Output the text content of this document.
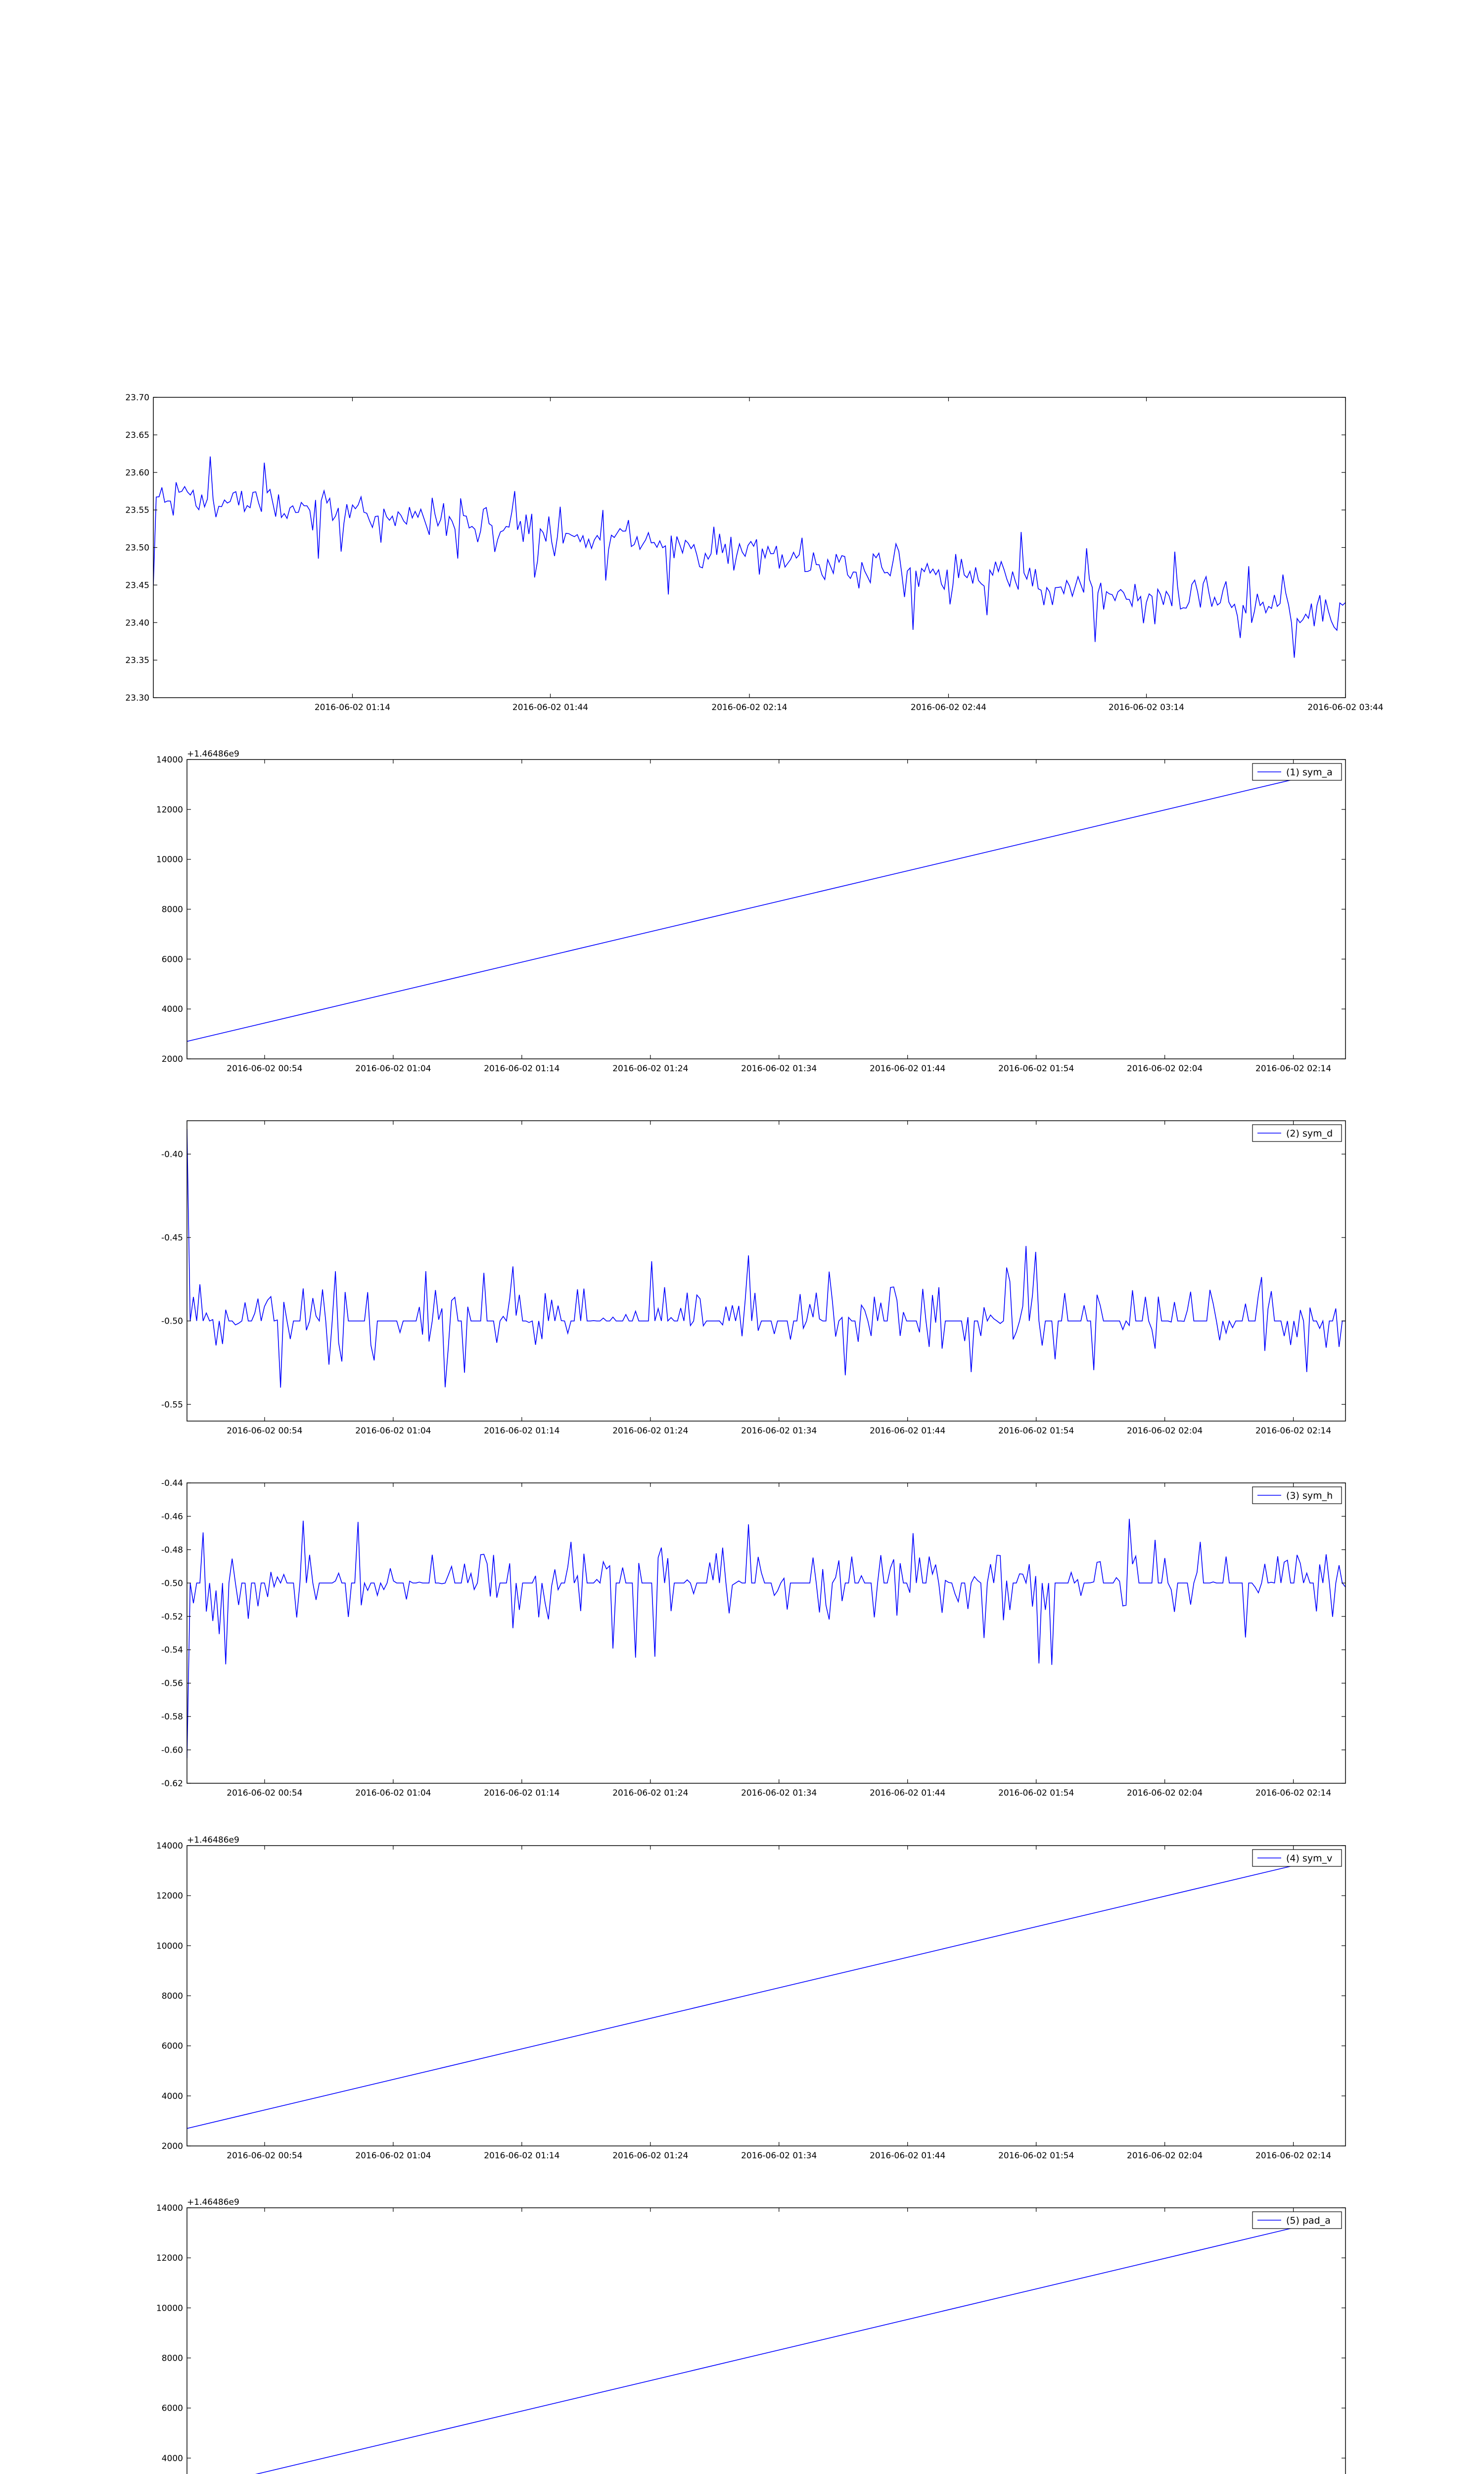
23.30
23.35
23.40
23.45
23.50
23.55
23.60
23.65
23.70
2016-06-02 01:14	2016-06-02 01:44	2016-06-02 02:14	2016-06-02 02:44	2016-06-02 03:14	2016-06-02 03:44
2000
4000
6000
8000
10000
12000
14000
2016-06-02 00:54	2016-06-02 01:04	2016-06-02 01:14	2016-06-02 01:24	2016-06-02 01:34	2016-06-02 01:44	2016-06-02 01:54	2016-06-02 02:04	2016-06-02 02:14
+1.46486e9
(1) sym_a
-0.55
-0.50
-0.45
-0.40
2016-06-02 00:54	2016-06-02 01:04	2016-06-02 01:14	2016-06-02 01:24	2016-06-02 01:34	2016-06-02 01:44	2016-06-02 01:54	2016-06-02 02:04	2016-06-02 02:14
(2) sym_d
-0.62
-0.60
-0.58
-0.56
-0.54
-0.52
-0.50
-0.48
-0.46
-0.44
2016-06-02 00:54	2016-06-02 01:04	2016-06-02 01:14	2016-06-02 01:24	2016-06-02 01:34	2016-06-02 01:44	2016-06-02 01:54	2016-06-02 02:04	2016-06-02 02:14
(3) sym_h
2000
4000
6000
8000
10000
12000
14000
2016-06-02 00:54	2016-06-02 01:04	2016-06-02 01:14	2016-06-02 01:24	2016-06-02 01:34	2016-06-02 01:44	2016-06-02 01:54	2016-06-02 02:04	2016-06-02 02:14
+1.46486e9
(4) sym_v
4000
6000
8000
10000
12000
14000
+1.46486e9
(5) pad_a
